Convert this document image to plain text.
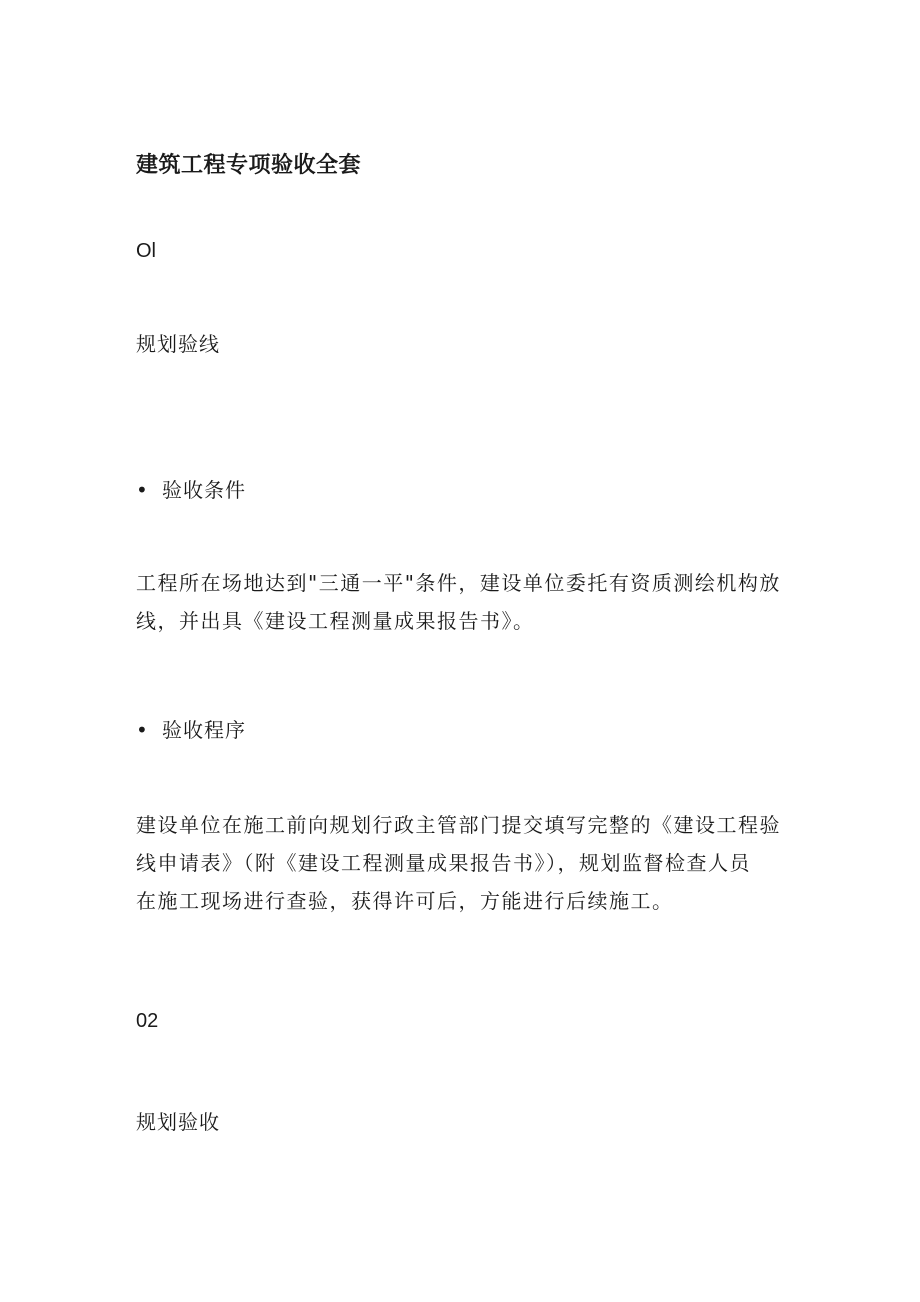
建筑工程专项验收全套
Ol
规划验线
• 验收条件
工程所在场地达到"三通一平"条件，建设单位委托有资质测绘机构放
线，并出具《建设工程测量成果报告书》。
• 验收程序
建设单位在施工前向规划行政主管部门提交填写完整的《建设工程验
线申请表》（附《建设工程测量成果报告书》），规划监督检查人员
在施工现场进行查验，获得许可后，方能进行后续施工。
02
规划验收
